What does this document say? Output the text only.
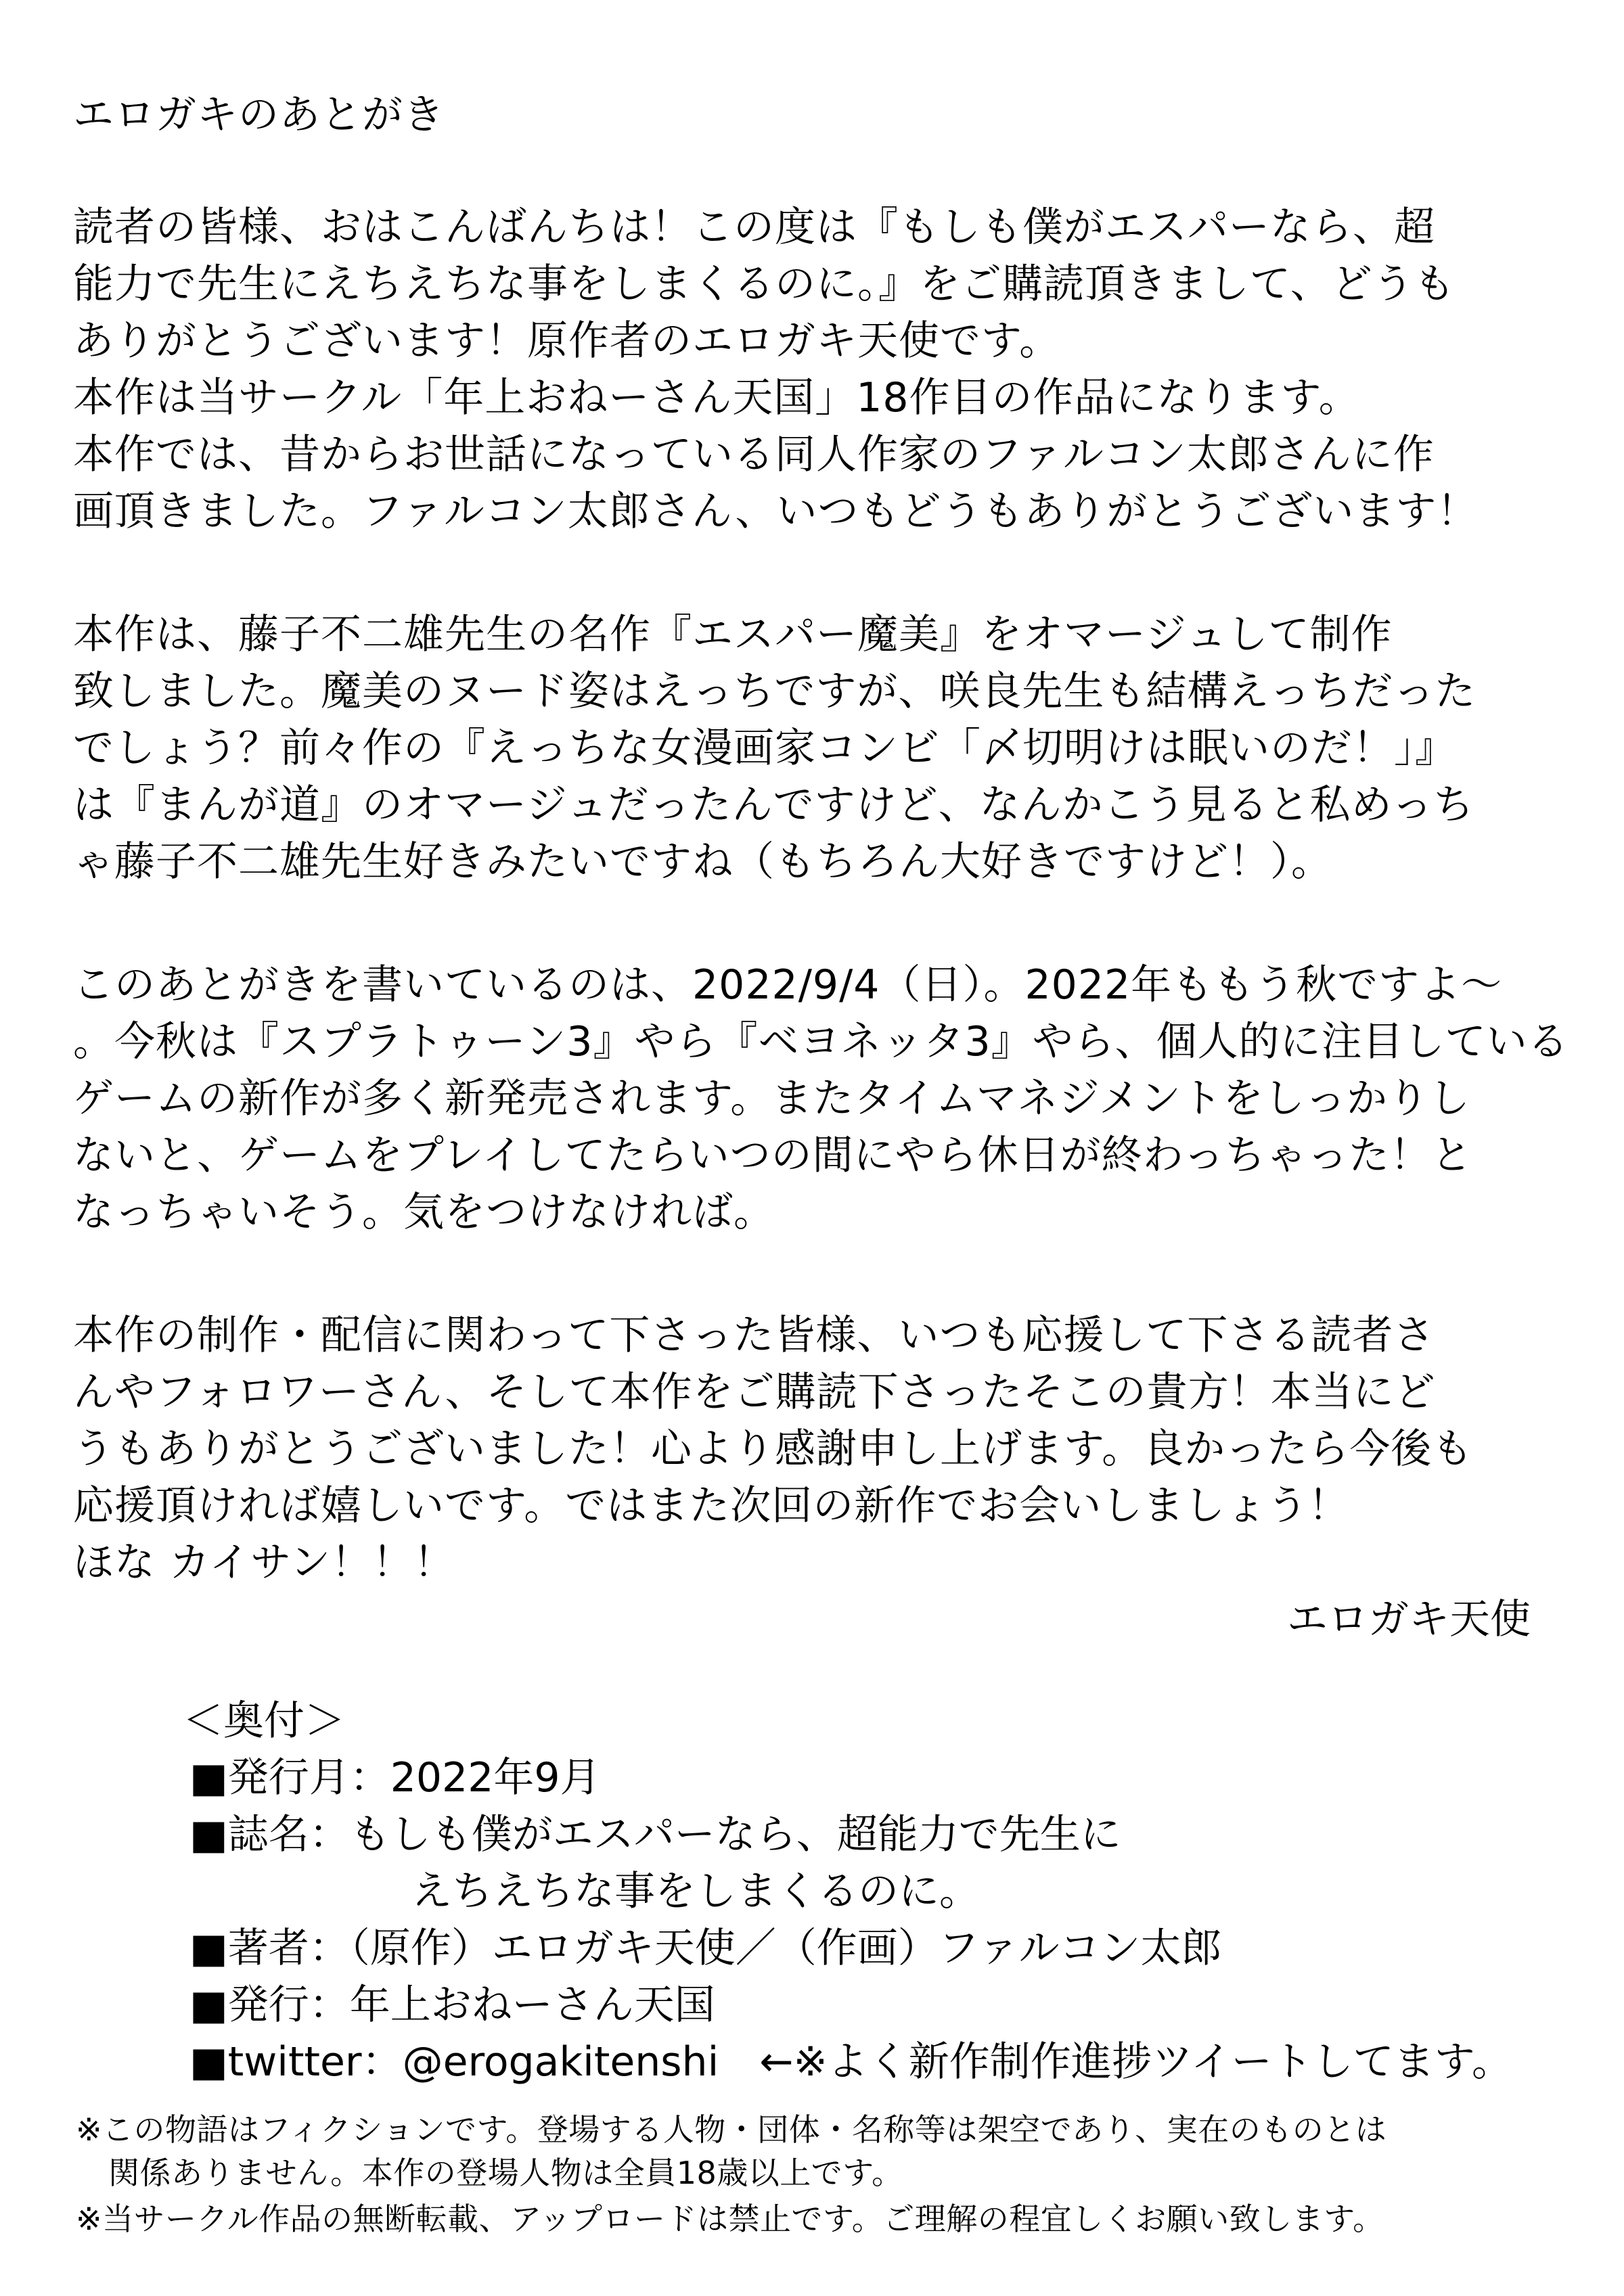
エロガキのあとがき
読者の皆様、おはこんばんちは！この度は『もしも僕がエスパーなら、超
能力で先生にえちえちな事をしまくるのに。』をご購読頂きまして、どうも
ありがとうございます！原作者のエロガキ天使です。
本作は当サークル「年上おねーさん天国」18作目の作品になります。
本作では、昔からお世話になっている同人作家のファルコン太郎さんに作
画頂きました。ファルコン太郎さん、いつもどうもありがとうございます！
本作は、藤子不二雄先生の名作『エスパー魔美』をオマージュして制作
致しました。魔美のヌード姿はえっちですが、咲良先生も結構えっちだった
でしょう？前々作の『えっちな女漫画家コンビ「〆切明けは眠いのだ！」』
は『まんが道』のオマージュだったんですけど、なんかこう見ると私めっち
ゃ藤子不二雄先生好きみたいですね（もちろん大好きですけど！）。
このあとがきを書いているのは、2022/9/4（日）。2022年ももう秋ですよ～
。今秋は『スプラトゥーン3』やら『ベヨネッタ3』やら、個人的に注目している
ゲームの新作が多く新発売されます。またタイムマネジメントをしっかりし
ないと、ゲームをプレイしてたらいつの間にやら休日が終わっちゃった！と
なっちゃいそう。気をつけなければ。
本作の制作・配信に関わって下さった皆様、いつも応援して下さる読者さ
んやフォロワーさん、そして本作をご購読下さったそこの貴方！本当にど
うもありがとうございました！心より感謝申し上げます。良かったら今後も
応援頂ければ嬉しいです。ではまた次回の新作でお会いしましょう！
ほな カイサン！！！
エロガキ天使
＜奥付＞
■発行月：2022年9月
■誌名：もしも僕がエスパーなら、超能力で先生に
えちえちな事をしまくるのに。
■著者：（原作）エロガキ天使／（作画）ファルコン太郎
■発行：年上おねーさん天国
■twitter：@erogakitenshi　←※よく新作制作進捗ツイートしてます。
※この物語はフィクションです。登場する人物・団体・名称等は架空であり、実在のものとは
関係ありません。本作の登場人物は全員18歳以上です。
※当サークル作品の無断転載、アップロードは禁止です。ご理解の程宜しくお願い致します。
